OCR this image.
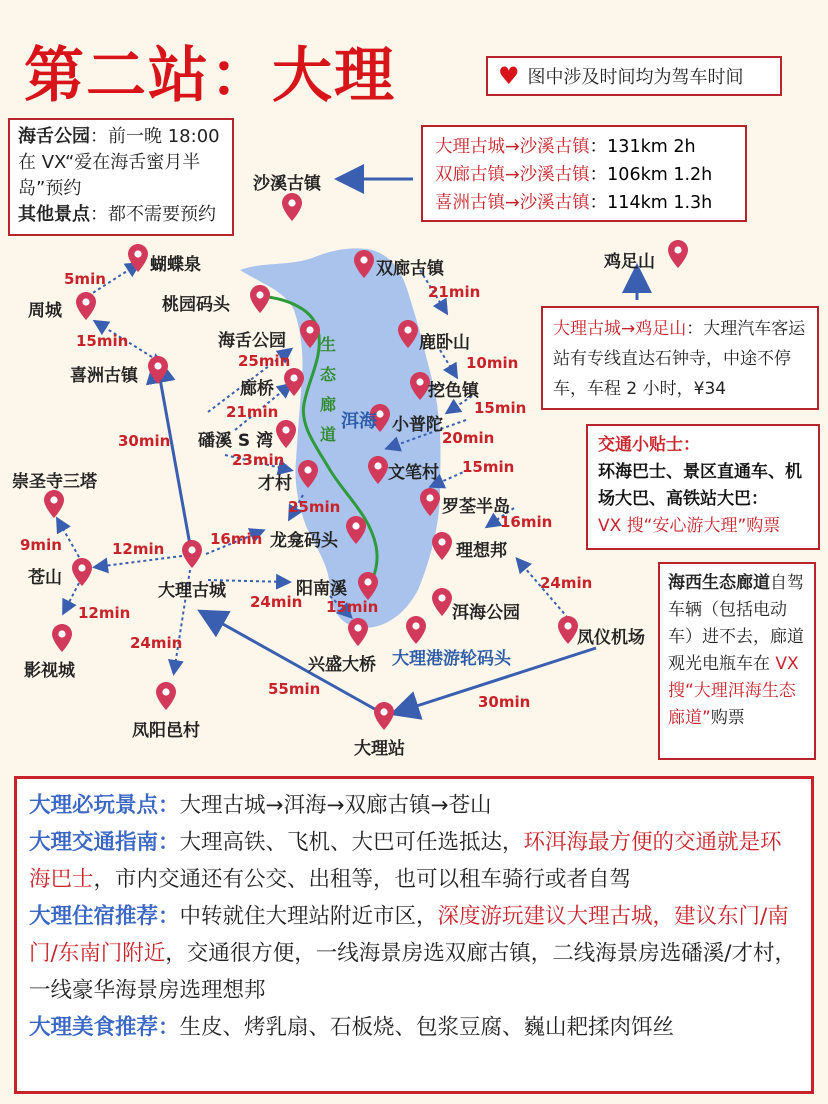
第二站：大理	♥ 图中涉及时间均为驾车时间
海舌公园：前一晚 18:00
在 VX“爱在海舌蜜月半
岛”预约
其他景点：都不需要预约
大理古城→沙溪古镇：131km 2h
双廊古镇→沙溪古镇：106km 1.2h
喜洲古镇→沙溪古镇：114km 1.3h
大理古城→鸡足山：大理汽车客运站有专线直达石钟寺，中途不停车，车程 2 小时，¥34
交通小贴士：
环海巴士、景区直通车、机场大巴、高铁站大巴：
VX 搜“安心游大理”购票
海西生态廊道自驾车辆（包括电动车）进不去，廊道观光电瓶车在 VX 搜“大理洱海生态廊道”购票
洱海
生
态
廊
道
沙溪古镇
鸡足山
蝴蝶泉
周城	桃园码头
喜洲古镇
海舌公园
廊桥
磻溪 S 湾
才村
龙龛码头
大理古城	阳南溪
崇圣寺三塔
苍山
影视城
凤阳邑村
兴盛大桥 大理港游轮码头
大理站
双廊古镇
鹿卧山
挖色镇
小普陀
文笔村
罗荃半岛
理想邦
洱海公园
凤仪机场
5min
15min
30min
25min
21min
23min
25min
16min
12min
9min
12min
24min
24min 15min
55min
30min
21min
10min
15min
20min
15min
16min
24min
大理必玩景点：大理古城→洱海→双廊古镇→苍山
大理交通指南：大理高铁、飞机、大巴可任选抵达，环洱海最方便的交通就是环海巴士，市内交通还有公交、出租等，也可以租车骑行或者自驾
大理住宿推荐：中转就住大理站附近市区，深度游玩建议大理古城，建议东门/南门/东南门附近，交通很方便，一线海景房选双廊古镇，二线海景房选磻溪/才村，一线豪华海景房选理想邦
大理美食推荐：生皮、烤乳扇、石板烧、包浆豆腐、巍山耙揉肉饵丝
